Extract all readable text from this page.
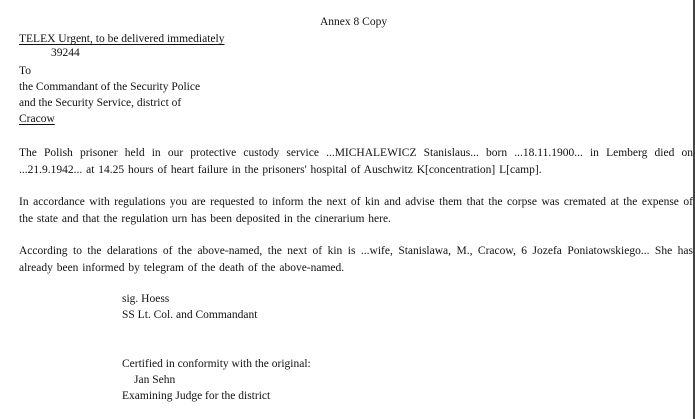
Annex 8 Copy

TELEX Urgent, to be delivered immediately

39244

To

the Commandant of the Security Police

and the Security Service, district of

Cracow

The Polish prisoner held in our protective custody service ...MICHALEWICZ Stanislaus... born ...18.11.1900... in Lemberg died on ...21.9.1942... at 14.25 hours of heart failure in the prisoners' hospital of Auschwitz K[concentration] L[camp].

In accordance with regulations you are requested to inform the next of kin and advise them that the corpse was cremated at the expense of the state and that the regulation urn has been deposited in the cinerarium here.

According to the delarations of the above-named, the next of kin is ...wife, Stanislawa, M., Cracow, 6 Jozefa Poniatowskiego... She has already been informed by telegram of the death of the above-named.

sig. Hoess

SS Lt. Col. and Commandant

Certified in conformity with the original:

Jan Sehn

Examining Judge for the district
